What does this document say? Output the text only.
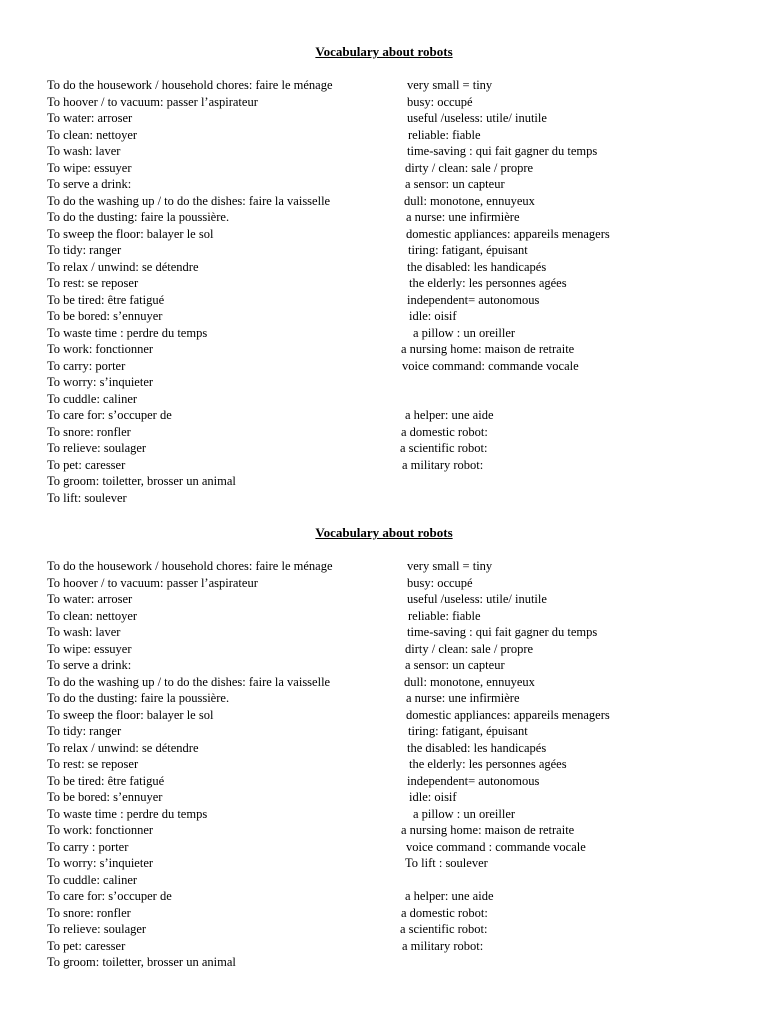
Vocabulary about robots
To do the housework / household chores: faire le ménage	very small = tiny
To hoover / to vacuum: passer l’aspirateur	busy: occupé
To water: arroser	useful /useless: utile/ inutile
To clean: nettoyer	reliable: fiable
To wash: laver	time-saving : qui fait gagner du temps
To wipe: essuyer	dirty / clean: sale / propre
To serve a drink:	a sensor: un capteur
To do the washing up / to do the dishes: faire la vaisselle	dull: monotone, ennuyeux
To do the dusting: faire la poussière.	a nurse: une infirmière
To sweep the floor: balayer le sol	domestic appliances: appareils menagers
To tidy: ranger	tiring: fatigant, épuisant
To relax / unwind: se détendre	the disabled: les handicapés
To rest: se reposer	the elderly: les personnes agées
To be tired: être fatigué	independent= autonomous
To be bored: s’ennuyer	idle: oisif
To waste time : perdre du temps	a pillow : un oreiller
To work: fonctionner	a nursing home: maison de retraite
To carry: porter	voice command: commande vocale
To worry: s’inquieter
To cuddle: caliner
To care for: s’occuper de	a helper: une aide
To snore: ronfler	a domestic robot:
To relieve: soulager	a scientific robot:
To pet: caresser	a military robot:
To groom: toiletter, brosser un animal
To lift: soulever
Vocabulary about robots
To do the housework / household chores: faire le ménage	very small = tiny
To hoover / to vacuum: passer l’aspirateur	busy: occupé
To water: arroser	useful /useless: utile/ inutile
To clean: nettoyer	reliable: fiable
To wash: laver	time-saving : qui fait gagner du temps
To wipe: essuyer	dirty / clean: sale / propre
To serve a drink:	a sensor: un capteur
To do the washing up / to do the dishes: faire la vaisselle	dull: monotone, ennuyeux
To do the dusting: faire la poussière.	a nurse: une infirmière
To sweep the floor: balayer le sol	domestic appliances: appareils menagers
To tidy: ranger	tiring: fatigant, épuisant
To relax / unwind: se détendre	the disabled: les handicapés
To rest: se reposer	the elderly: les personnes agées
To be tired: être fatigué	independent= autonomous
To be bored: s’ennuyer	idle: oisif
To waste time : perdre du temps	a pillow : un oreiller
To work: fonctionner	a nursing home: maison de retraite
To carry : porter	voice command : commande vocale
To worry: s’inquieter	To lift : soulever
To cuddle: caliner
To care for: s’occuper de	a helper: une aide
To snore: ronfler	a domestic robot:
To relieve: soulager	a scientific robot:
To pet: caresser	a military robot:
To groom: toiletter, brosser un animal
